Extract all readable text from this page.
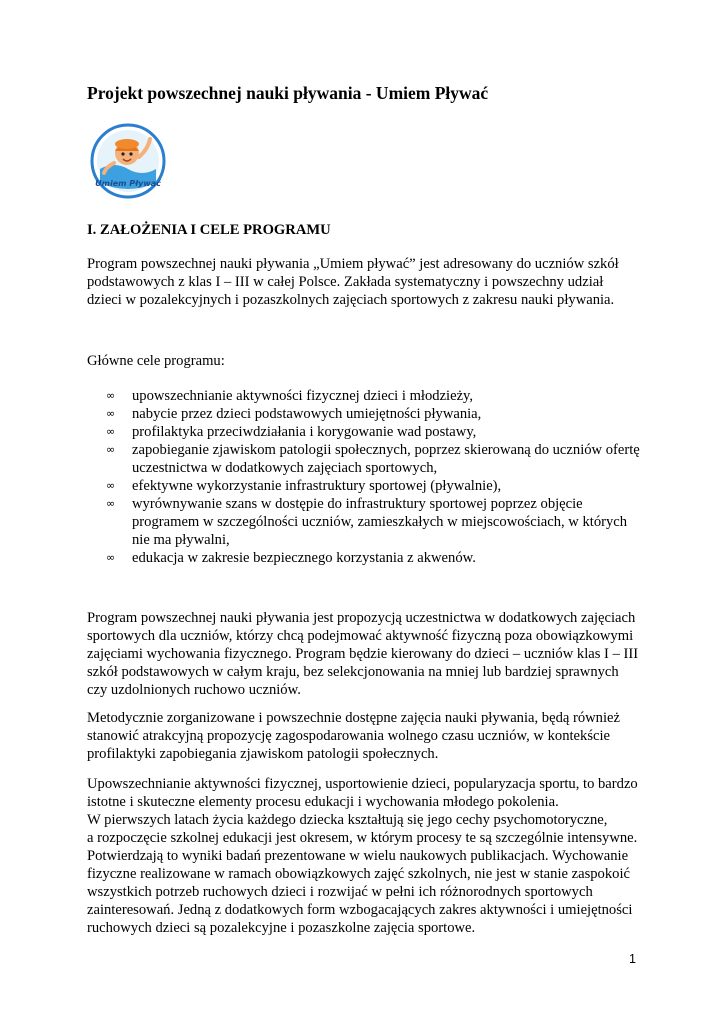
Projekt powszechnej nauki pływania - Umiem Pływać
Umiem Pływać
I. ZAŁOŻENIA I CELE PROGRAMU
Program powszechnej nauki pływania „Umiem pływać” jest adresowany do uczniów szkół
podstawowych z klas I – III w całej Polsce. Zakłada systematyczny i powszechny udział
dzieci w pozalekcyjnych i pozaszkolnych zajęciach sportowych z zakresu nauki pływania.

Główne cele programu:

∞ upowszechnianie aktywności fizycznej dzieci i młodzieży,
∞ nabycie przez dzieci podstawowych umiejętności pływania,
∞ profilaktyka przeciwdziałania i korygowanie wad postawy,
∞ zapobieganie zjawiskom patologii społecznych, poprzez skierowaną do uczniów ofertę
uczestnictwa w dodatkowych zajęciach sportowych,
∞ efektywne wykorzystanie infrastruktury sportowej (pływalnie),
∞ wyrównywanie szans w dostępie do infrastruktury sportowej poprzez objęcie
programem w szczególności uczniów, zamieszkałych w miejscowościach, w których
nie ma pływalni,
∞ edukacja w zakresie bezpiecznego korzystania z akwenów.
Program powszechnej nauki pływania jest propozycją uczestnictwa w dodatkowych zajęciach
sportowych dla uczniów, którzy chcą podejmować aktywność fizyczną poza obowiązkowymi
zajęciami wychowania fizycznego. Program będzie kierowany do dzieci – uczniów klas I – III
szkół podstawowych w całym kraju, bez selekcjonowania na mniej lub bardziej sprawnych
czy uzdolnionych ruchowo uczniów.
Metodycznie zorganizowane i powszechnie dostępne zajęcia nauki pływania, będą również
stanowić atrakcyjną propozycję zagospodarowania wolnego czasu uczniów, w kontekście
profilaktyki zapobiegania zjawiskom patologii społecznych.
Upowszechnianie aktywności fizycznej, usportowienie dzieci, popularyzacja sportu, to bardzo
istotne i skuteczne elementy procesu edukacji i wychowania młodego pokolenia.
W pierwszych latach życia każdego dziecka kształtują się jego cechy psychomotoryczne,
a rozpoczęcie szkolnej edukacji jest okresem, w którym procesy te są szczególnie intensywne.
Potwierdzają to wyniki badań prezentowane w wielu naukowych publikacjach. Wychowanie
fizyczne realizowane w ramach obowiązkowych zajęć szkolnych, nie jest w stanie zaspokoić
wszystkich potrzeb ruchowych dzieci i rozwijać w pełni ich różnorodnych sportowych
zainteresowań. Jedną z dodatkowych form wzbogacających zakres aktywności i umiejętności
ruchowych dzieci są pozalekcyjne i pozaszkolne zajęcia sportowe.

1
